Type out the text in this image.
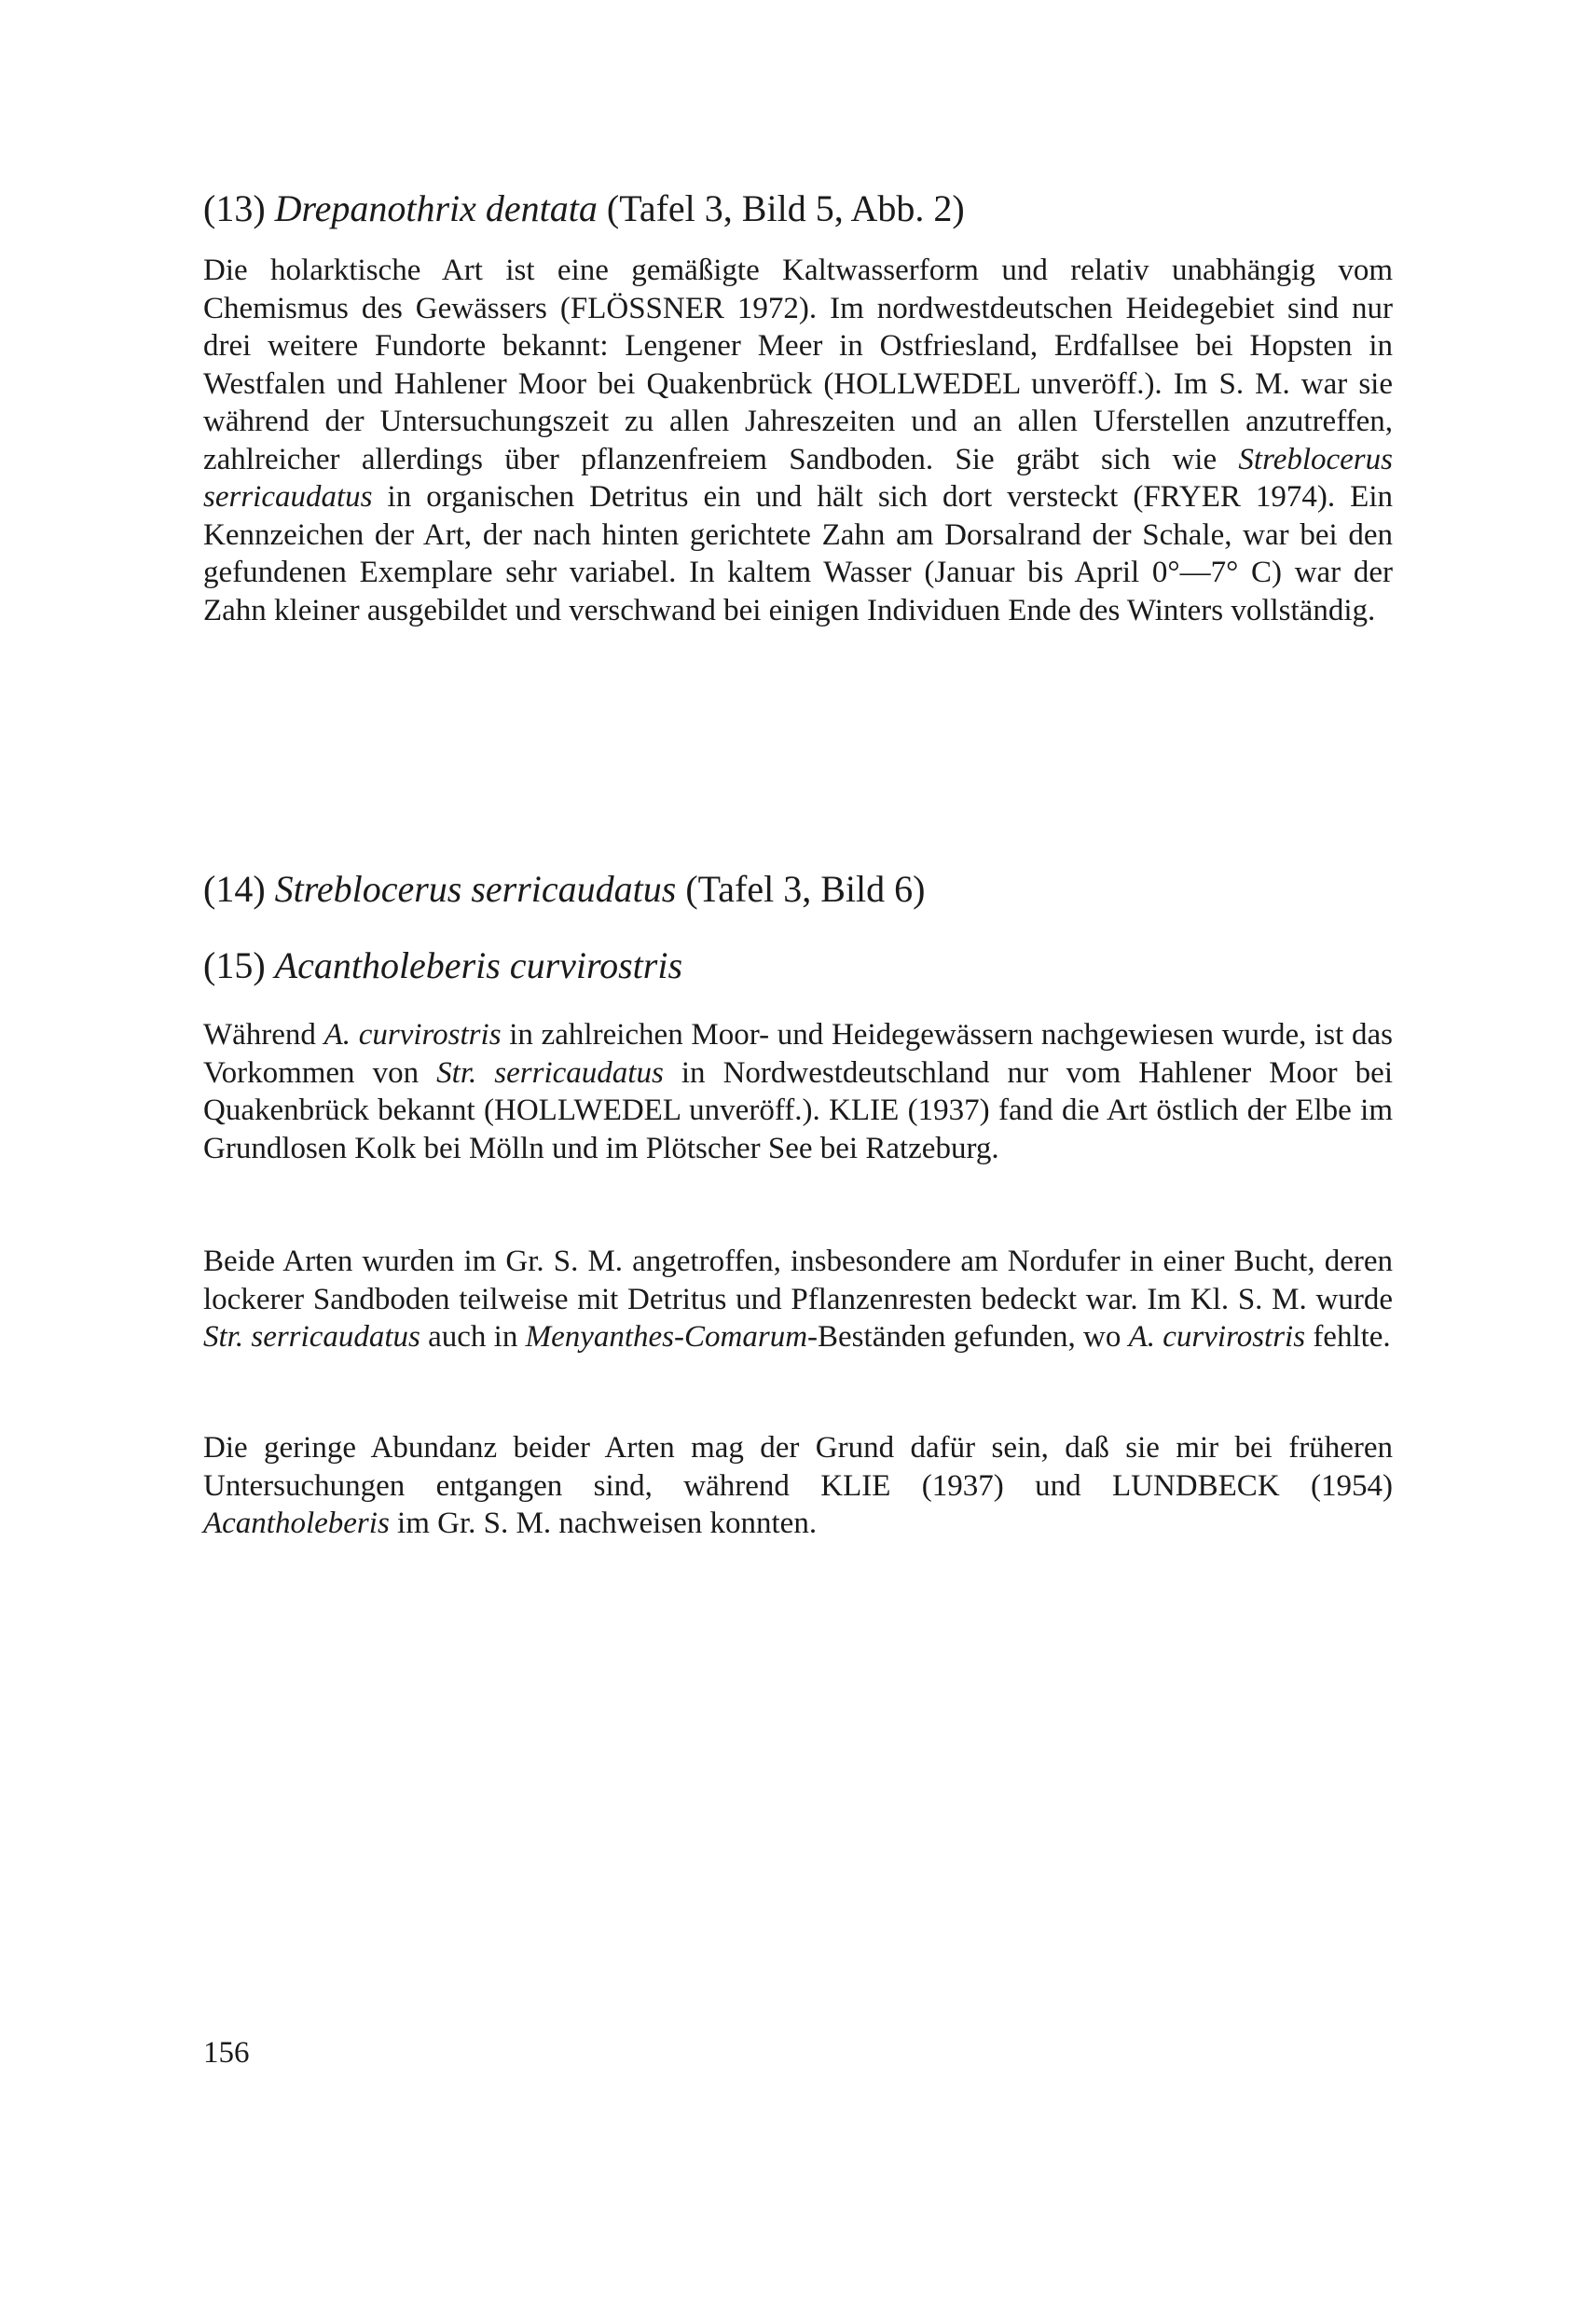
(13) Drepanothrix dentata (Tafel 3, Bild 5, Abb. 2)

Die holarktische Art ist eine gemäßigte Kaltwasserform und relativ unabhängig vom Chemismus des Gewässers (FLÖSSNER 1972). Im nordwestdeutschen Heidegebiet sind nur drei weitere Fundorte bekannt: Lengener Meer in Ostfriesland, Erdfallsee bei Hopsten in Westfalen und Hahlener Moor bei Quakenbrück (HOLLWEDEL unveröff.). Im S. M. war sie während der Untersuchungszeit zu allen Jahreszeiten und an allen Uferstellen anzutreffen, zahlreicher allerdings über pflanzenfreiem Sandboden. Sie gräbt sich wie Streblocerus serricaudatus in organischen Detritus ein und hält sich dort versteckt (FRYER 1974). Ein Kennzeichen der Art, der nach hinten gerichtete Zahn am Dorsalrand der Schale, war bei den gefundenen Exemplare sehr variabel. In kaltem Wasser (Januar bis April 0°—7° C) war der Zahn kleiner ausgebildet und verschwand bei einigen Individuen Ende des Winters vollständig.

(14) Streblocerus serricaudatus (Tafel 3, Bild 6)
(15) Acantholeberis curvirostris

Während A. curvirostris in zahlreichen Moor- und Heidegewässern nachgewiesen wurde, ist das Vorkommen von Str. serricaudatus in Nordwestdeutschland nur vom Hahlener Moor bei Quakenbrück bekannt (HOLLWEDEL unveröff.). KLIE (1937) fand die Art östlich der Elbe im Grundlosen Kolk bei Mölln und im Plötscher See bei Ratzeburg.

Beide Arten wurden im Gr. S. M. angetroffen, insbesondere am Nordufer in einer Bucht, deren lockerer Sandboden teilweise mit Detritus und Pflanzenresten bedeckt war. Im Kl. S. M. wurde Str. serricaudatus auch in Menyanthes-Comarum-Beständen gefunden, wo A. curvirostris fehlte.

Die geringe Abundanz beider Arten mag der Grund dafür sein, daß sie mir bei früheren Untersuchungen entgangen sind, während KLIE (1937) und LUNDBECK (1954) Acantholeberis im Gr. S. M. nachweisen konnten.

156
